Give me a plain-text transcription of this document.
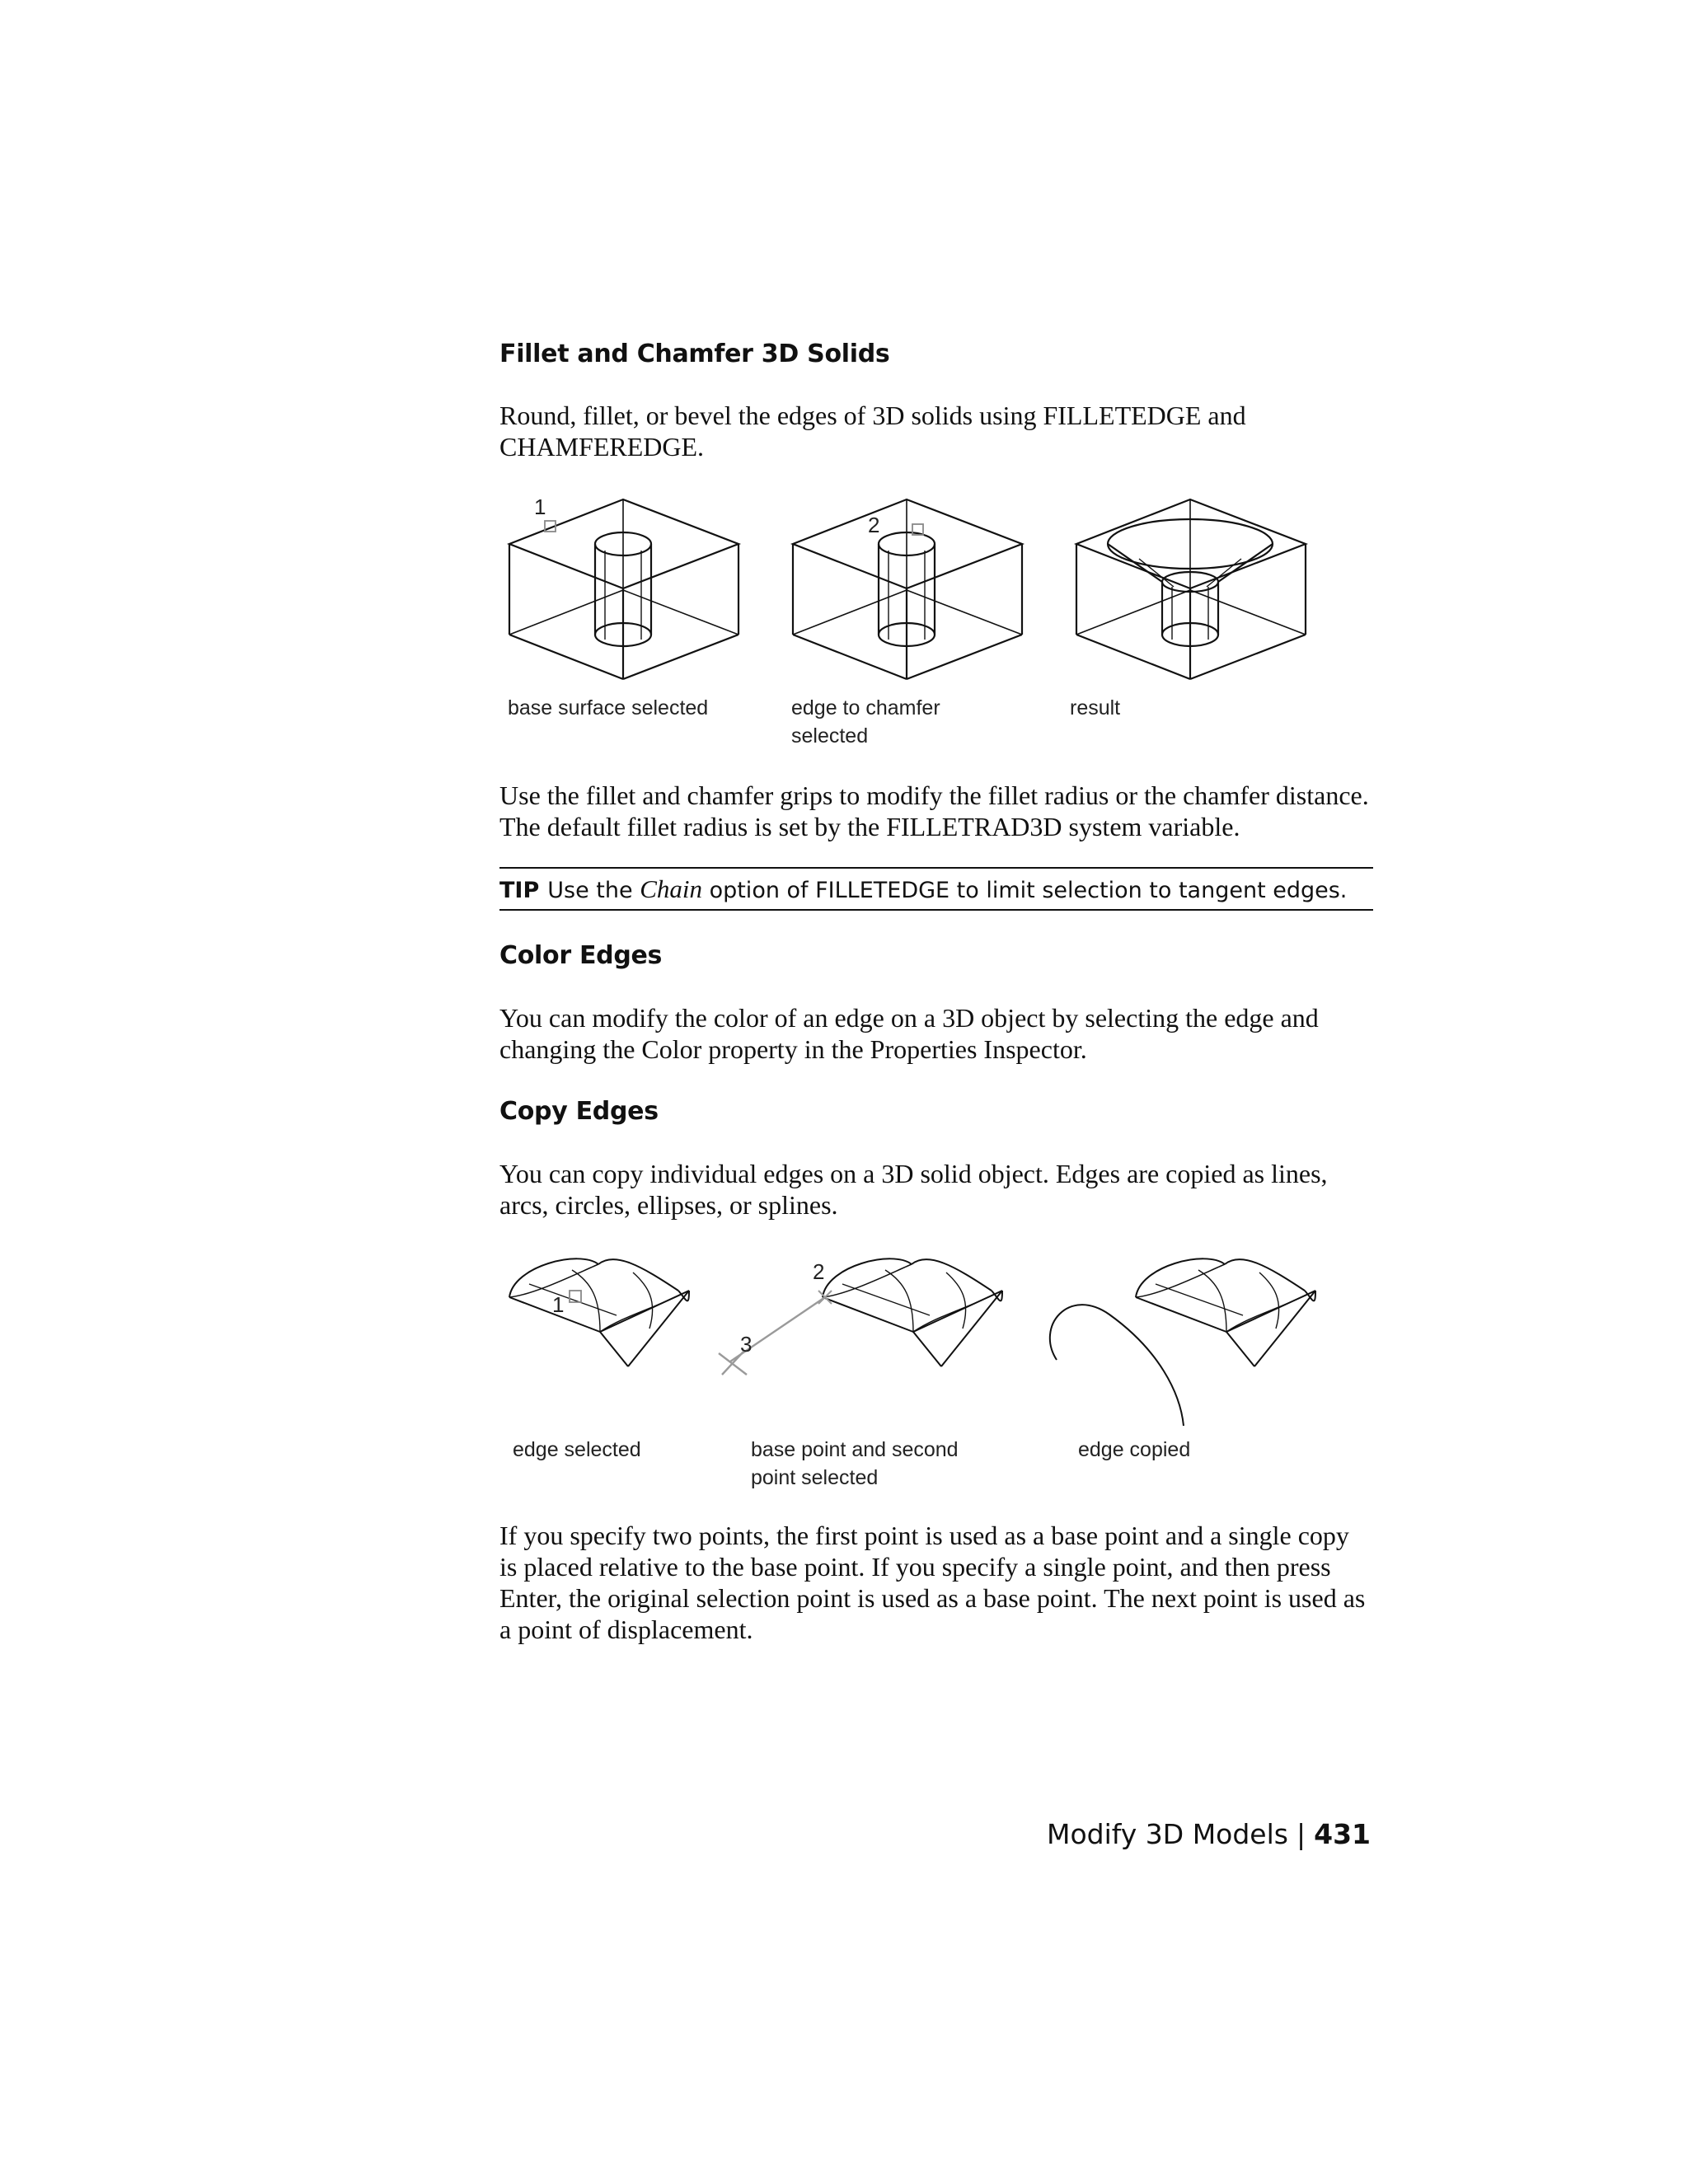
Fillet and Chamfer 3D Solids

Round, fillet, or bevel the edges of 3D solids using FILLETEDGE and CHAMFEREDGE.

1
2
base surface selected	edge to chamfer
selected
result

Use the fillet and chamfer grips to modify the fillet radius or the chamfer distance. The default fillet radius is set by the FILLETRAD3D system variable.

TIP Use the Chain option of FILLETEDGE to limit selection to tangent edges.

Color Edges

You can modify the color of an edge on a 3D object by selecting the edge and changing the Color property in the Properties Inspector.

Copy Edges

You can copy individual edges on a 3D solid object. Edges are copied as lines, arcs, circles, ellipses, or splines.

1
2
3
edge selected	base point and second
point selected
edge copied

If you specify two points, the first point is used as a base point and a single copy is placed relative to the base point. If you specify a single point, and then press Enter, the original selection point is used as a base point. The next point is used as a point of displacement.

Modify 3D Models | 431
